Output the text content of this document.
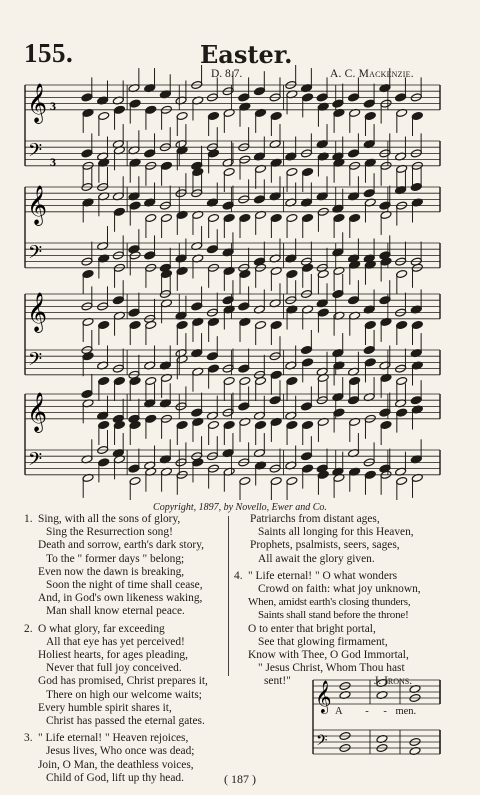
155.	Easter.
D. 8.7.	A. C. Mackenzie.
𝄞
𝄢
3
3
𝄞
𝄢
𝄞
𝄢
𝄞
𝄢
Copyright, 1897, by Novello, Ewer and Co.
1. Sing, with all the sons of glory,
Sing the Resurrection song!
Death and sorrow, earth's dark story,
To the " former days " belong;
Even now the dawn is breaking,
Soon the night of time shall cease,
And, in God's own likeness waking,
Man shall know eternal peace.
2. O what glory, far exceeding
All that eye has yet perceived!
Holiest hearts, for ages pleading,
Never that full joy conceived.
God has promised, Christ prepares it,
There on high our welcome waits;
Every humble spirit shares it,
Christ has passed the eternal gates.
3. " Life eternal! " Heaven rejoices,
Jesus lives, Who once was dead;
Join, O Man, the deathless voices,
Child of God, lift up thy head.
Patriarchs from distant ages,
Saints all longing for this Heaven,
Prophets, psalmists, seers, sages,
All await the glory given.
4. " Life eternal! " O what wonders
Crowd on faith: what joy unknown,
When, amidst earth's closing thunders,
Saints shall stand before the throne!
O to enter that bright portal,
See that glowing firmament,
Know with Thee, O God Immortal,
" Jesus Christ, Whom Thou hast
sent!"	J. Irons.
𝄞
𝄢
A - - men.
( 187 )
